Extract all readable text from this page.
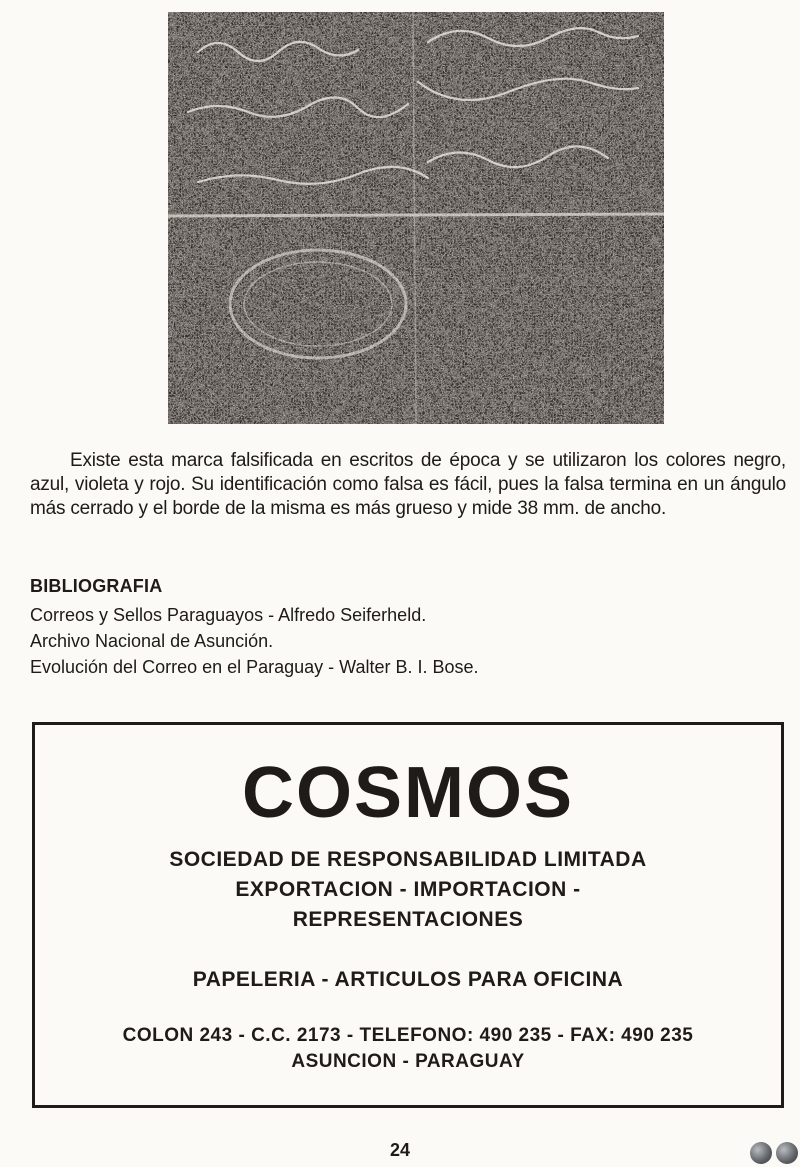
Existe esta marca falsificada en escritos de época y se utilizaron los colores negro, azul, violeta y rojo. Su identificación como falsa es fácil, pues la falsa termina en un ángulo más cerrado y el borde de la misma es más grueso y mide 38 mm. de ancho.

BIBLIOGRAFIA
Correos y Sellos Paraguayos - Alfredo Seiferheld.
Archivo Nacional de Asunción.
Evolución del Correo en el Paraguay - Walter B. I. Bose.
COSMOS

SOCIEDAD DE RESPONSABILIDAD LIMITADA

EXPORTACION - IMPORTACION -

REPRESENTACIONES

PAPELERIA - ARTICULOS PARA OFICINA

COLON 243 - C.C. 2173 - TELEFONO: 490 235 - FAX: 490 235

ASUNCION - PARAGUAY

24
